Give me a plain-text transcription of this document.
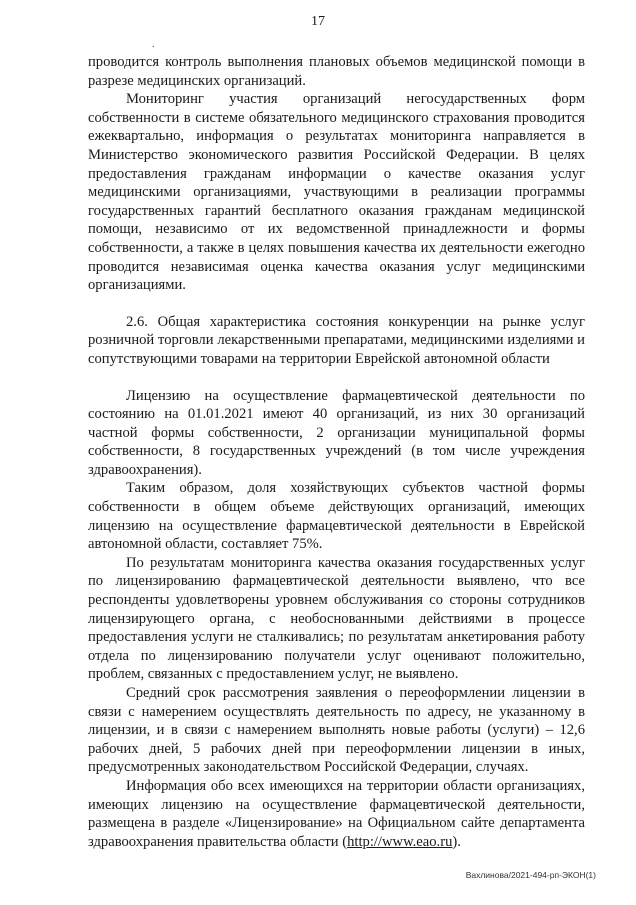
17
.

проводится контроль выполнения плановых объемов медицинской помощи в разрезе медицинских организаций.

Мониторинг участия организаций негосударственных форм собственности в системе обязательного медицинского страхования проводится ежеквартально, информация о результатах мониторинга направляется в Министерство экономического развития Российской Федерации. В целях предоставления гражданам информации о качестве оказания услуг медицинскими организациями, участвующими в реализации программы государственных гарантий бесплатного оказания гражданам медицинской помощи, независимо от их ведомственной принадлежности и формы собственности, а также в целях повышения качества их деятельности ежегодно проводится независимая оценка качества оказания услуг медицинскими организациями.

2.6. Общая характеристика состояния конкуренции на рынке услуг розничной торговли лекарственными препаратами, медицинскими изделиями и сопутствующими товарами на территории Еврейской автономной области

Лицензию на осуществление фармацевтической деятельности по состоянию на 01.01.2021 имеют 40 организаций, из них 30 организаций частной формы собственности, 2 организации муниципальной формы собственности, 8 государственных учреждений (в том числе учреждения здравоохранения).

Таким образом, доля хозяйствующих субъектов частной формы собственности в общем объеме действующих организаций, имеющих лицензию на осуществление фармацевтической деятельности в Еврейской автономной области, составляет 75%.

По результатам мониторинга качества оказания государственных услуг по лицензированию фармацевтической деятельности выявлено, что все респонденты удовлетворены уровнем обслуживания со стороны сотрудников лицензирующего органа, с необоснованными действиями в процессе предоставления услуги не сталкивались; по результатам анкетирования работу отдела по лицензированию получатели услуг оценивают положительно, проблем, связанных с предоставлением услуг, не выявлено.

Средний срок рассмотрения заявления о переоформлении лицензии в связи с намерением осуществлять деятельность по адресу, не указанному в лицензии, и в связи с намерением выполнять новые работы (услуги) – 12,6 рабочих дней, 5 рабочих дней при переоформлении лицензии в иных, предусмотренных законодательством Российской Федерации, случаях.

Информация обо всех имеющихся на территории области организациях, имеющих лицензию на осуществление фармацевтической деятельности, размещена в разделе «Лицензирование» на Официальном сайте департамента здравоохранения правительства области (http://www.eao.ru).

Вахлинова/2021-494-рп-ЭКОН(1)
